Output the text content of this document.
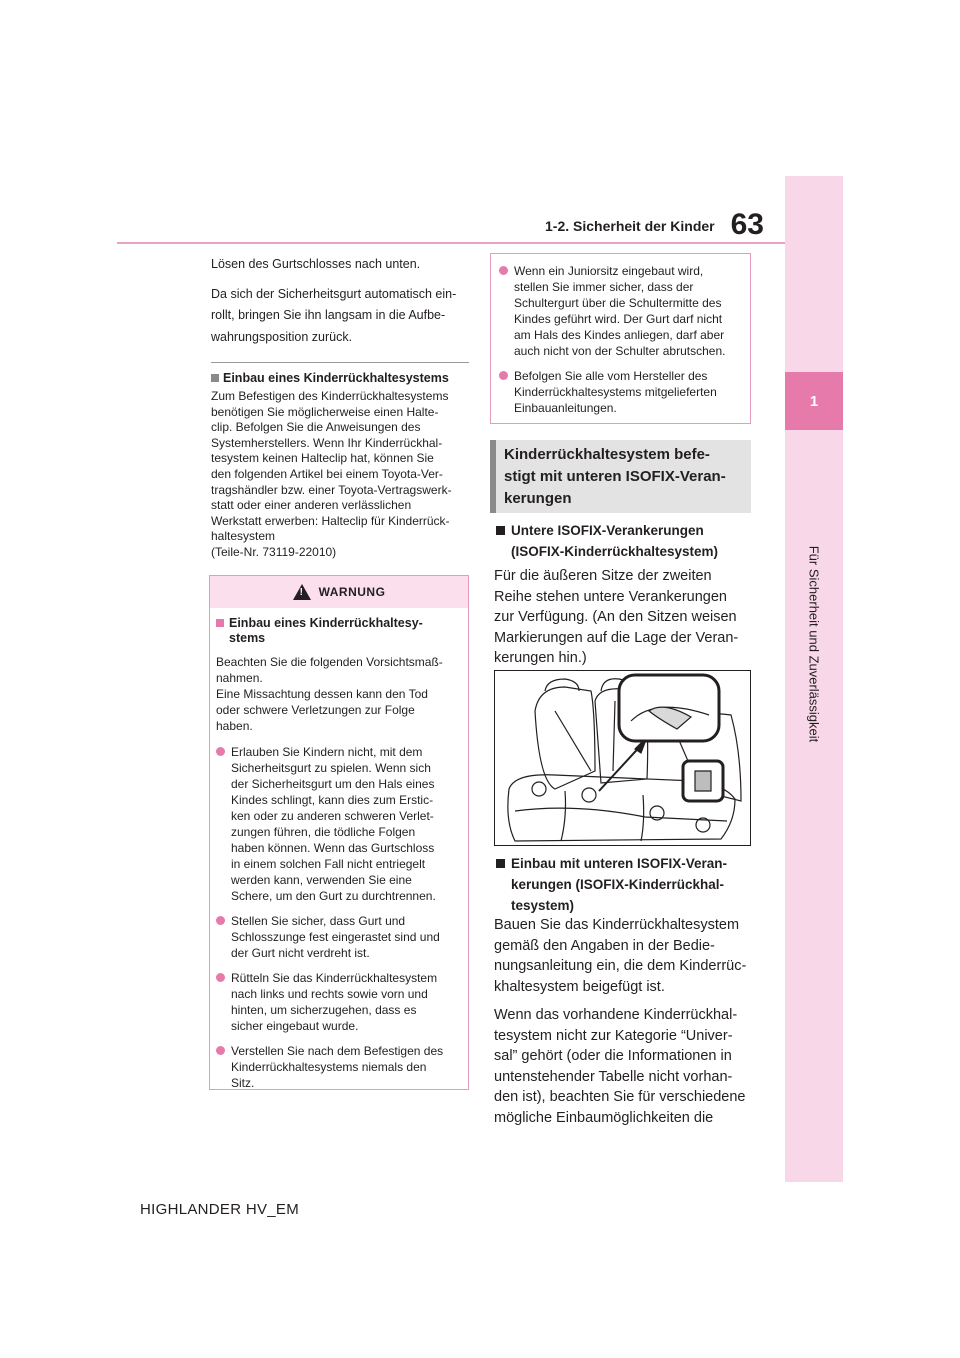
1-2. Sicherheit der Kinder 63
1
Für Sicherheit und Zuverlässigkeit

Lösen des Gurtschlosses nach unten.

Da sich der Sicherheitsgurt automatisch ein-

rollt, bringen Sie ihn langsam in die Aufbe-

wahrungsposition zurück.

Einbau eines Kinderrückhaltesystems
Zum Befestigen des Kinderrückhaltesystems
benötigen Sie möglicherweise einen Halte-
clip. Befolgen Sie die Anweisungen des
Systemherstellers. Wenn Ihr Kinderrückhal-
tesystem keinen Halteclip hat, können Sie
den folgenden Artikel bei einem Toyota-Ver-
tragshändler bzw. einer Toyota-Vertragswerk-
statt oder einer anderen verlässlichen
Werkstatt erwerben: Halteclip für Kinderrück-
haltesystem
(Teile-Nr. 73119-22010)
!
WARNUNG
Einbau eines Kinderrückhaltesy-
stems
Beachten Sie die folgenden Vorsichtsmaß-
nahmen.
Eine Missachtung dessen kann den Tod
oder schwere Verletzungen zur Folge
haben.
Erlauben Sie Kindern nicht, mit dem
Sicherheitsgurt zu spielen. Wenn sich
der Sicherheitsgurt um den Hals eines
Kindes schlingt, kann dies zum Erstic-
ken oder zu anderen schweren Verlet-
zungen führen, die tödliche Folgen
haben können. Wenn das Gurtschloss
in einem solchen Fall nicht entriegelt
werden kann, verwenden Sie eine
Schere, um den Gurt zu durchtrennen.
Stellen Sie sicher, dass Gurt und
Schlosszunge fest eingerastet sind und
der Gurt nicht verdreht ist.
Rütteln Sie das Kinderrückhaltesystem
nach links und rechts sowie vorn und
hinten, um sicherzugehen, dass es
sicher eingebaut wurde.
Verstellen Sie nach dem Befestigen des
Kinderrückhaltesystems niemals den
Sitz.
Wenn ein Juniorsitz eingebaut wird,
stellen Sie immer sicher, dass der
Schultergurt über die Schultermitte des
Kindes geführt wird. Der Gurt darf nicht
am Hals des Kindes anliegen, darf aber
auch nicht von der Schulter abrutschen.
Befolgen Sie alle vom Hersteller des
Kinderrückhaltesystems mitgelieferten
Einbauanleitungen.
Kinderrückhaltesystem befe-
stigt mit unteren ISOFIX-Veran-
kerungen
Untere ISOFIX-Verankerungen
(ISOFIX-Kinderrückhaltesystem)
Für die äußeren Sitze der zweiten
Reihe stehen untere Verankerungen
zur Verfügung. (An den Sitzen weisen
Markierungen auf die Lage der Veran-
kerungen hin.)
Einbau mit unteren ISOFIX-Veran-
kerungen (ISOFIX-Kinderrückhal-
tesystem)
Bauen Sie das Kinderrückhaltesystem
gemäß den Angaben in der Bedie-
nungsanleitung ein, die dem Kinderrüc-
khaltesystem beigefügt ist.
Wenn das vorhandene Kinderrückhal-
tesystem nicht zur Kategorie “Univer-
sal” gehört (oder die Informationen in
untenstehender Tabelle nicht vorhan-
den ist), beachten Sie für verschiedene
mögliche Einbaumöglichkeiten die
HIGHLANDER HV_EM
